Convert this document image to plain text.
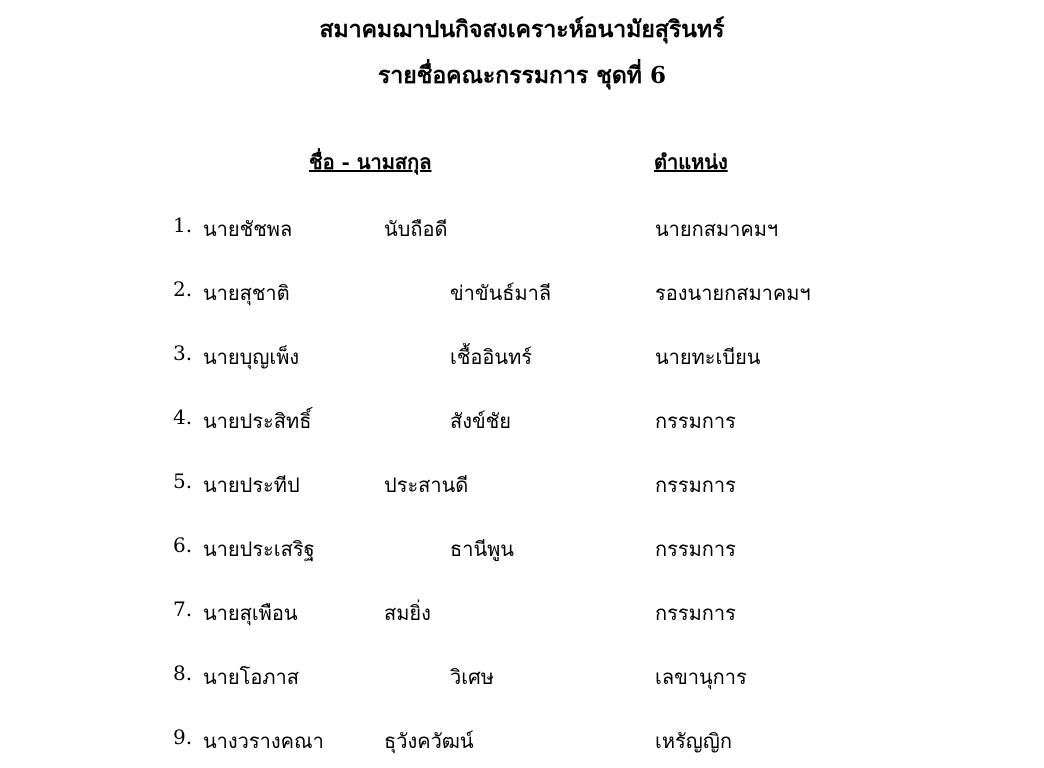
สมาคมฌาปนกิจสงเคราะห์อนามัยสุรินทร์
รายชื่อคณะกรรมการ ชุดที่ 6
ชื่อ - นามสกุล	ตำแหน่ง
1. นายชัชพล	นับถือดี	นายกสมาคมฯ
2. นายสุชาติ	ข่าขันธ์มาลี	รองนายกสมาคมฯ
3. นายบุญเพ็ง	เชื้ออินทร์	นายทะเบียน
4. นายประสิทธิ์	สังข์ชัย	กรรมการ
5. นายประทีป	ประสานดี	กรรมการ
6. นายประเสริฐ	ธานีพูน	กรรมการ
7. นายสุเพือน	สมยิ่ง	กรรมการ
8. นายโอภาส	วิเศษ	เลขานุการ
9. นางวรางคณา	ธุวังควัฒน์	เหรัญญิก
